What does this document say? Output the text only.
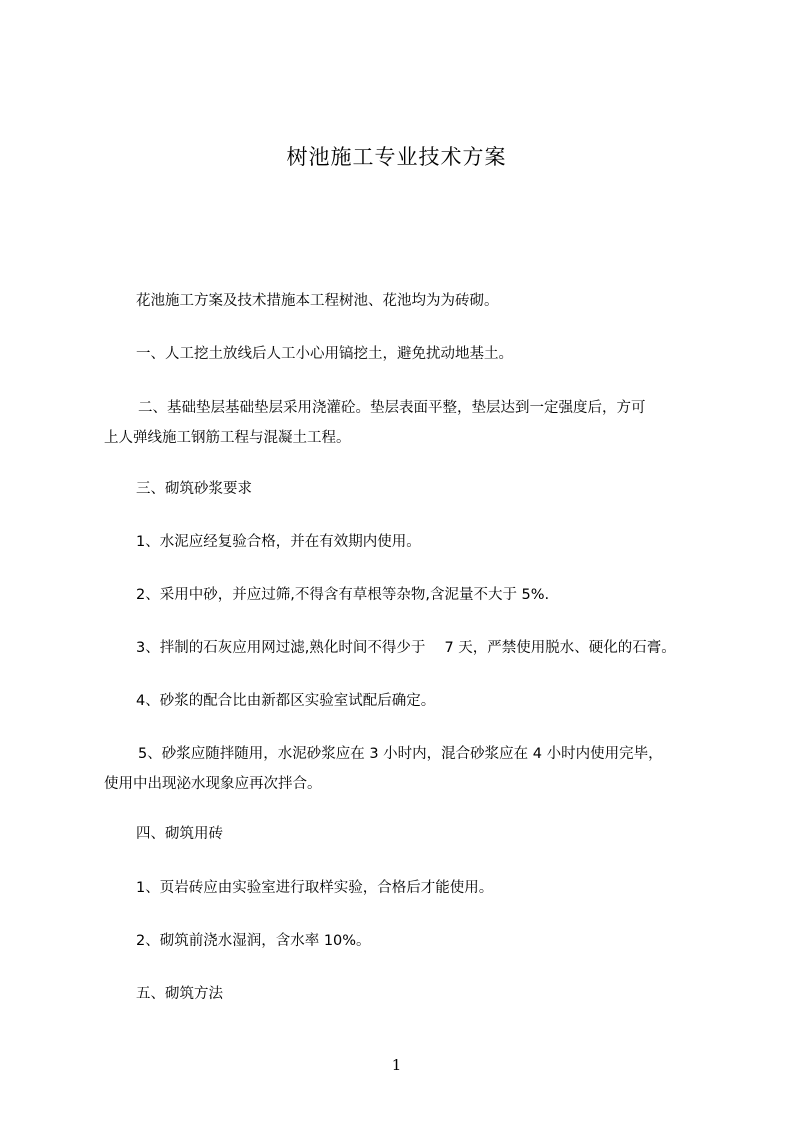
树池施工专业技术方案
花池施工方案及技术措施本工程树池、花池均为为砖砌。
一、人工挖土放线后人工小心用镐挖土，避免扰动地基土。
二、基础垫层基础垫层采用浇灌砼。垫层表面平整，垫层达到一定强度后，方可
上人弹线施工钢筋工程与混凝土工程。
三、砌筑砂浆要求
1、水泥应经复验合格，并在有效期内使用。
2、采用中砂，并应过筛,不得含有草根等杂物,含泥量不大于 5%.
3、拌制的石灰应用网过滤,熟化时间不得少于　 7 天，严禁使用脱水、硬化的石膏。
4、砂浆的配合比由新都区实验室试配后确定。
5、砂浆应随拌随用，水泥砂浆应在 3 小时内，混合砂浆应在 4 小时内使用完毕，
使用中出现泌水现象应再次拌合。
四、砌筑用砖
1、页岩砖应由实验室进行取样实验，合格后才能使用。
2、砌筑前浇水湿润，含水率 10%。
五、砌筑方法
1
